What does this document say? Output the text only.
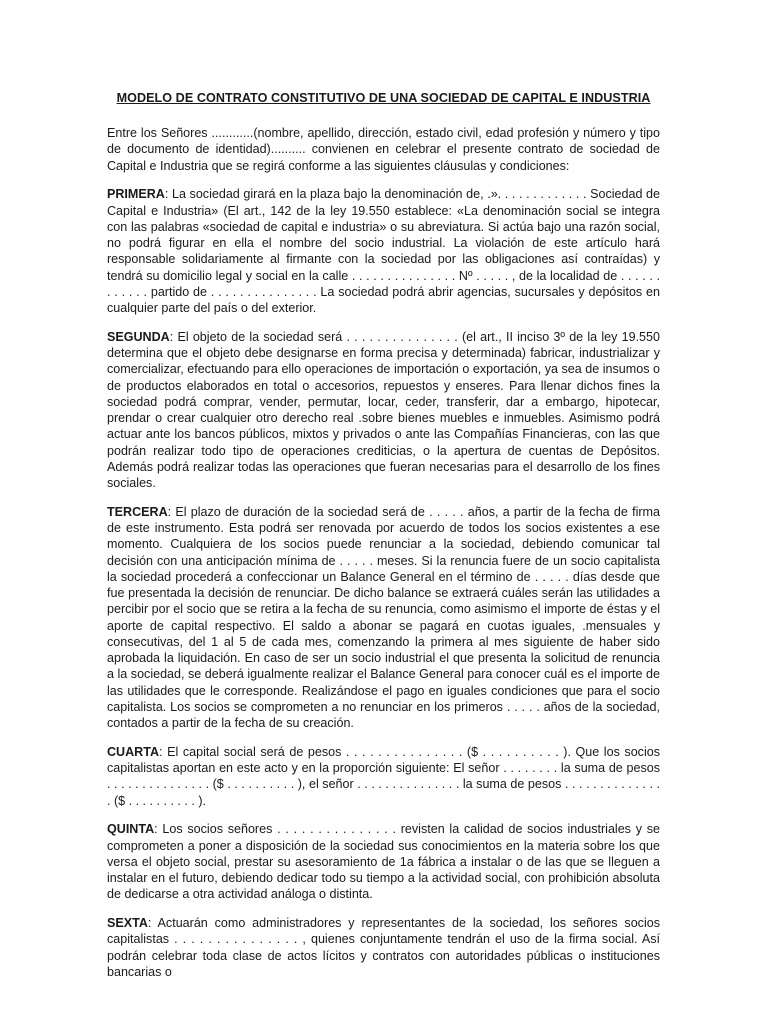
MODELO DE CONTRATO CONSTITUTIVO DE UNA SOCIEDAD DE CAPITAL E INDUSTRIA

Entre los Señores ............(nombre, apellido, dirección, estado civil, edad profesión y número y tipo de documento de identidad).......... convienen en celebrar el presente contrato de sociedad de Capital e Industria que se regirá conforme a las siguientes cláusulas y condiciones:

PRIMERA: La sociedad girará en la plaza bajo la denominación de, .». . . . . . . . . . . . . Sociedad de Capital e Industria» (El art., 142 de la ley 19.550 establece: «La denominación social se integra con las palabras «sociedad de capital e industria» o su abreviatura. Si actúa bajo una razón social, no podrá figurar en ella el nombre del socio industrial. La violación de este artículo hará responsable solidariamente al firmante con la sociedad por las obligaciones así contraídas) y tendrá su domicilio legal y social en la calle . . . . . . . . . . . . . . . Nº . . . . . , de la localidad de . . . . . . . . . . . . partido de . . . . . . . . . . . . . . . La sociedad podrá abrir agencias, sucursales y depósitos en cualquier parte del país o del exterior.

SEGUNDA: El objeto de la sociedad será . . . . . . . . . . . . . . . (el art., II inciso 3º de la ley 19.550 determina que el objeto debe designarse en forma precisa y determinada) fabricar, industrializar y comercializar, efectuando para ello operaciones de importación o exportación, ya sea de insumos o de productos elaborados en total o accesorios, repuestos y enseres. Para llenar dichos fines la sociedad podrá comprar, vender, permutar, locar, ceder, transferir, dar a embargo, hipotecar, prendar o crear cualquier otro derecho real .sobre bienes muebles e inmuebles. Asimismo podrá actuar ante los bancos públicos, mixtos y privados o ante las Compañías Financieras, con las que podrán realizar todo tipo de operaciones crediticias, o la apertura de cuentas de Depósitos. Además podrá realizar todas las operaciones que fueran necesarias para el desarrollo de los fines sociales.

TERCERA: El plazo de duración de la sociedad será de . . . . . años, a partir de la fecha de firma de este instrumento. Esta podrá ser renovada por acuerdo de todos los socios existentes a ese momento. Cualquiera de los socios puede renunciar a la sociedad, debiendo comunicar tal decisión con una anticipación mínima de . . . . . meses. Si la renuncia fuere de un socio capitalista la sociedad procederá a confeccionar un Balance General en el término de . . . . . días desde que fue presentada la decisión de renunciar. De dicho balance se extraerá cuáles serán las utilidades a percibir por el socio que se retira a la fecha de su renuncia, como asimismo el importe de éstas y el aporte de capital respectivo. El saldo a abonar se pagará en cuotas iguales, .mensuales y consecutivas, del 1 al 5 de cada mes, comenzando la primera al mes siguiente de haber sido aprobada la liquidación. En caso de ser un socio industrial el que presenta la solicitud de renuncia a la sociedad, se deberá igualmente realizar el Balance General para conocer cuál es el importe de las utilidades que le corresponde. Realizándose el pago en iguales condiciones que para el socio capitalista. Los socios se comprometen a no renunciar en los primeros . . . . . años de la sociedad, contados a partir de la fecha de su creación.

CUARTA: El capital social será de pesos . . . . . . . . . . . . . . . ($ . . . . . . . . . . ). Que los socios capitalistas aportan en este acto y en la proporción siguiente: El señor . . . . . . . . la suma de pesos . . . . . . . . . . . . . . . ($ . . . . . . . . . . ), el señor . . . . . . . . . . . . . . . la suma de pesos . . . . . . . . . . . . . . . ($ . . . . . . . . . . ).

QUINTA: Los socios señores . . . . . . . . . . . . . . . revisten la calidad de socios industriales y se comprometen a poner a disposición de la sociedad sus conocimientos en la materia sobre los que versa el objeto social, prestar su asesoramiento de 1a fábrica a instalar o de las que se lleguen a instalar en el futuro, debiendo dedicar todo su tiempo a la actividad social, con prohibición absoluta de dedicarse a otra actividad análoga o distinta.

SEXTA: Actuarán como administradores y representantes de la sociedad, los señores socios capitalistas . . . . . . . . . . . . . . . , quienes conjuntamente tendrán el uso de la firma social. Así podrán celebrar toda clase de actos lícitos y contratos con autoridades públicas o instituciones bancarias o
